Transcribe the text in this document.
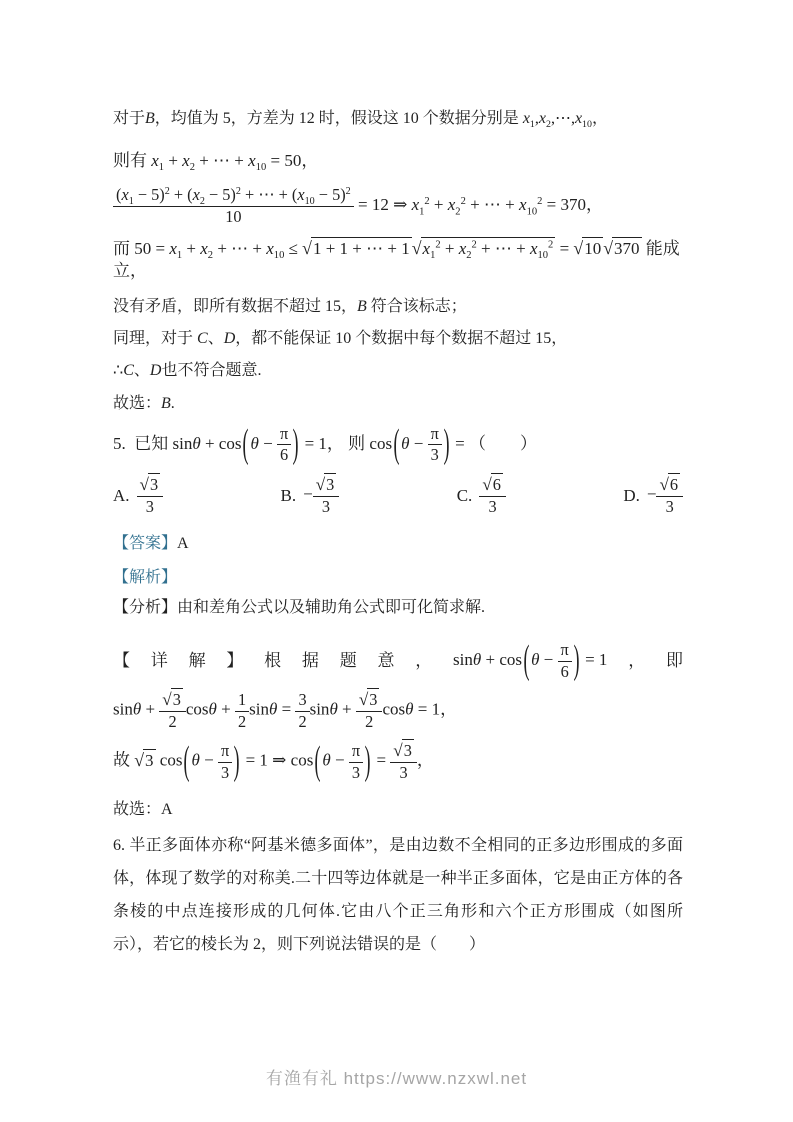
对于B，均值为 5，方差为 12 时，假设这 10 个数据分别是 $x_1,x_2,\cdots,x_{10}$，
则有 $x_1 + x_2$ + ⋯ + $x_{10} = 50$，
$\frac{(x_1 - 5)^2 + (x_2 - 5)^2 + \cdots + (x_{10} - 5)^2}{10} = 12$ ⇒ $x_1^2 + x_2^2$ + ⋯ + $x_{10}^2 = 370$，
而 $50 = x_1 + x_2$ + ⋯ + $x_{10} \le √1 + 1$ + ⋯ + 1 $√x_1^2 + x_2^2$ + ⋯ + $x_{10}^2 = √10$ √370 能成立，
没有矛盾，即所有数据不超过 15，B 符合该标志；
同理，对于 C、D，都不能保证 10 个数据中每个数据不超过 15，
∴C、D也不符合题意.
故选：B.
5.  已知 $\sin\theta + \cos(\theta - \frac{\pi}{6}$ ) = 1， 则 $\cos(\theta - \frac{\pi}{3}$ ) = （　　）
A. $\frac{√3}{3}$	B. − $\frac{√3}{3}$	C. $\frac{√6}{3}$	D. − $\frac{√6}{3}$
【答案】A
【解析】
【分析】由和差角公式以及辅助角公式即可化简求解.
【 详 解 】 根 据 题 意 ， $\sin\theta + \cos(\theta - \frac{\pi}{6}$ ) = 1 ， 即
$\sin\theta + \frac{√3}{2}$ $\cos\theta + \frac{1}{2}$ $\sin\theta = \frac{3}{2}$ $\sin\theta + \frac{√3}{2}$ cosθ = 1，
故 √3 $\cos(\theta - \frac{\pi}{3}$ ) = 1 ⇒ $\cos(\theta - \frac{\pi}{3}$ ) = $\frac{√3}{3}$ ，
故选：A
6. 半正多面体亦称“阿基米德多面体”，是由边数不全相同的正多边形围成的多面体，体现了数学的对称美.二十四等边体就是一种半正多面体，它是由正方体的各条棱的中点连接形成的几何体.它由八个正三角形和六个正方形围成（如图所示），若它的棱长为 2，则下列说法错误的是（　　）
有渔有礼 https://www.nzxwl.net
